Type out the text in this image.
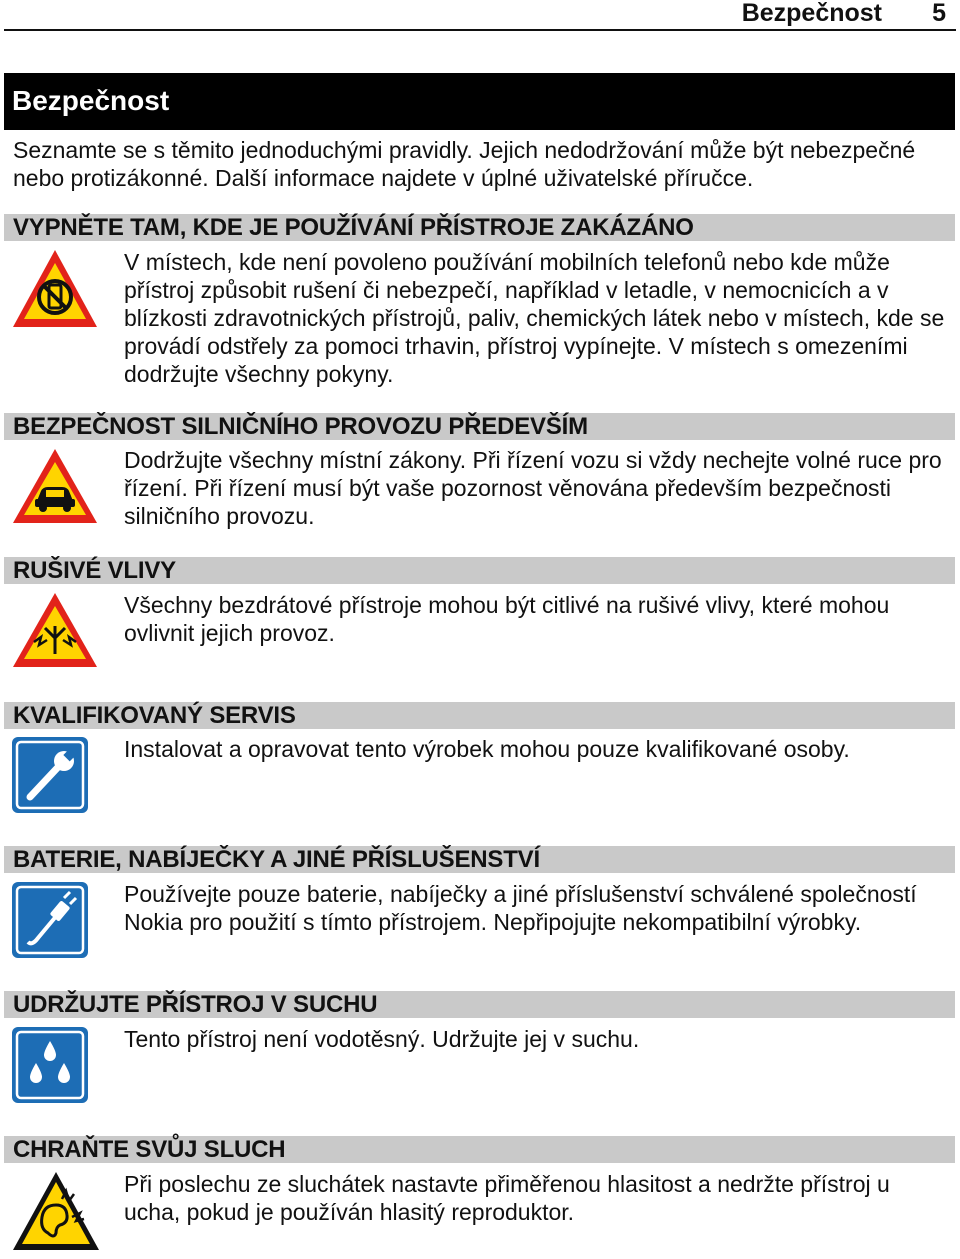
Bezpečnost 5
Bezpečnost
Seznamte se s těmito jednoduchými pravidly. Jejich nedodržování může být nebezpečné nebo protizákonné. Další informace najdete v úplné uživatelské příručce.
VYPNĚTE TAM, KDE JE POUŽÍVÁNÍ PŘÍSTROJE ZAKÁZÁNO
V místech, kde není povoleno používání mobilních telefonů nebo kde může přístroj způsobit rušení či nebezpečí, například v letadle, v nemocnicích a v blízkosti zdravotnických přístrojů, paliv, chemických látek nebo v místech, kde se provádí odstřely za pomoci trhavin, přístroj vypínejte. V místech s omezeními dodržujte všechny pokyny.
BEZPEČNOST SILNIČNÍHO PROVOZU PŘEDEVŠÍM
Dodržujte všechny místní zákony. Při řízení vozu si vždy nechejte volné ruce pro řízení. Při řízení musí být vaše pozornost věnována především bezpečnosti silničního provozu.
RUŠIVÉ VLIVY
Všechny bezdrátové přístroje mohou být citlivé na rušivé vlivy, které mohou ovlivnit jejich provoz.
KVALIFIKOVANÝ SERVIS
Instalovat a opravovat tento výrobek mohou pouze kvalifikované osoby.
BATERIE, NABÍJEČKY A JINÉ PŘÍSLUŠENSTVÍ
Používejte pouze baterie, nabíječky a jiné příslušenství schválené společností Nokia pro použití s tímto přístrojem. Nepřipojujte nekompatibilní výrobky.
UDRŽUJTE PŘÍSTROJ V SUCHU
Tento přístroj není vodotěsný. Udržujte jej v suchu.
CHRAŇTE SVŮJ SLUCH
Při poslechu ze sluchátek nastavte přiměřenou hlasitost a nedržte přístroj u ucha, pokud je používán hlasitý reproduktor.
